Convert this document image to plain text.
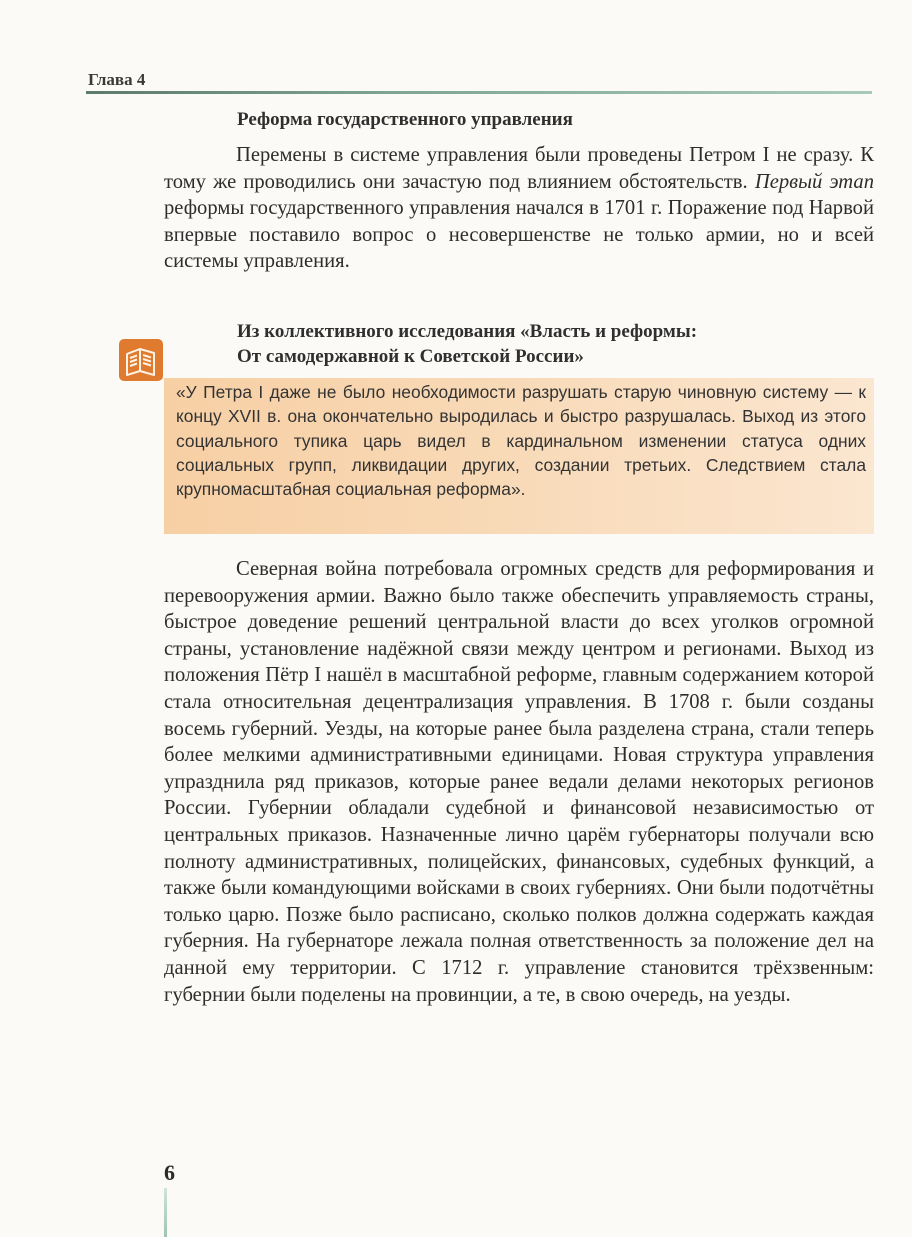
Глава 4
Реформа государственного управления

Перемены в системе управления были проведены Петром I не сразу. К тому же проводились они зачастую под влиянием обстоятельств. Первый этап реформы государственного управления начался в 1701 г. Поражение под Нарвой впервые поставило вопрос о несовершенстве не только армии, но и всей системы управления.

Из коллективного исследования «Власть и реформы:
От самодержавной к Советской России»

«У Петра I даже не было необходимости разрушать старую чиновную систему — к концу XVII в. она окончательно выродилась и быстро разрушалась. Выход из этого социального тупика царь видел в кардинальном изменении статуса одних социальных групп, ликвидации других, создании третьих. Следствием стала крупномасштабная социальная реформа».

Северная война потребовала огромных средств для реформирования и перевооружения армии. Важно было также обеспечить управляемость страны, быстрое доведение решений центральной власти до всех уголков огромной страны, установление надёжной связи между центром и регионами. Выход из положения Пётр I нашёл в масштабной реформе, главным содержанием которой стала относительная децентрализация управления. В 1708 г. были созданы восемь губерний. Уезды, на которые ранее была разделена страна, стали теперь более мелкими административными единицами. Новая структура управления упразднила ряд приказов, которые ранее ведали делами некоторых регионов России. Губернии обладали судебной и финансовой независимостью от центральных приказов. Назначенные лично царём губернаторы получали всю полноту административных, полицейских, финансовых, судебных функций, а также были командующими войсками в своих губерниях. Они были подотчётны только царю. Позже было расписано, сколько полков должна содержать каждая губерния. На губернаторе лежала полная ответственность за положение дел на данной ему территории. С 1712 г. управление становится трёхзвенным: губернии были поделены на провинции, а те, в свою очередь, на уезды.

6
